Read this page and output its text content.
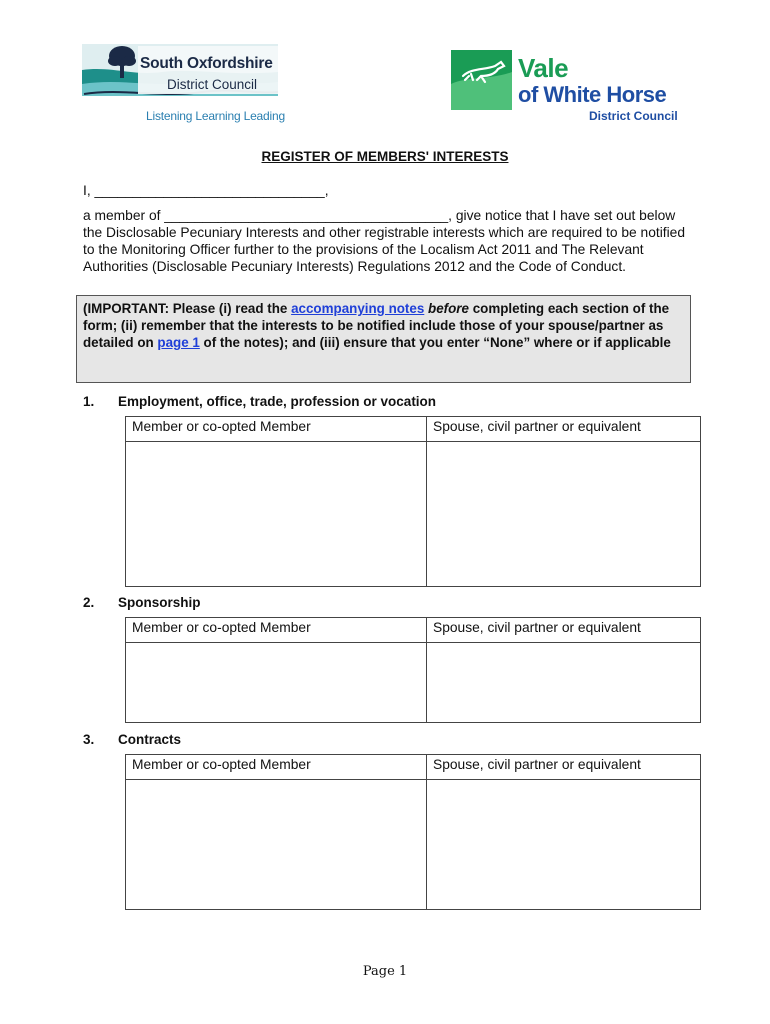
South Oxfordshire
District Council
Listening Learning Leading
Vale
of White Horse
District Council
REGISTER OF MEMBERS' INTERESTS
I, ______________________________,
a member of _____________________________________, give notice that I have set out below the Disclosable Pecuniary Interests and other registrable interests which are required to be notified to the Monitoring Officer further to the provisions of the Localism Act 2011 and The Relevant Authorities (Disclosable Pecuniary Interests) Regulations 2012 and the Code of Conduct.
(IMPORTANT: Please (i) read the accompanying notes before completing each section of the form; (ii) remember that the interests to be notified include those of your spouse/partner as detailed on page 1 of the notes); and (iii) ensure that you enter “None” where or if applicable
1. Employment, office, trade, profession or vocation
Member or co-opted Member	Spouse, civil partner or equivalent

2. Sponsorship
Member or co-opted Member	Spouse, civil partner or equivalent

3. Contracts
Member or co-opted Member	Spouse, civil partner or equivalent

Page 1
